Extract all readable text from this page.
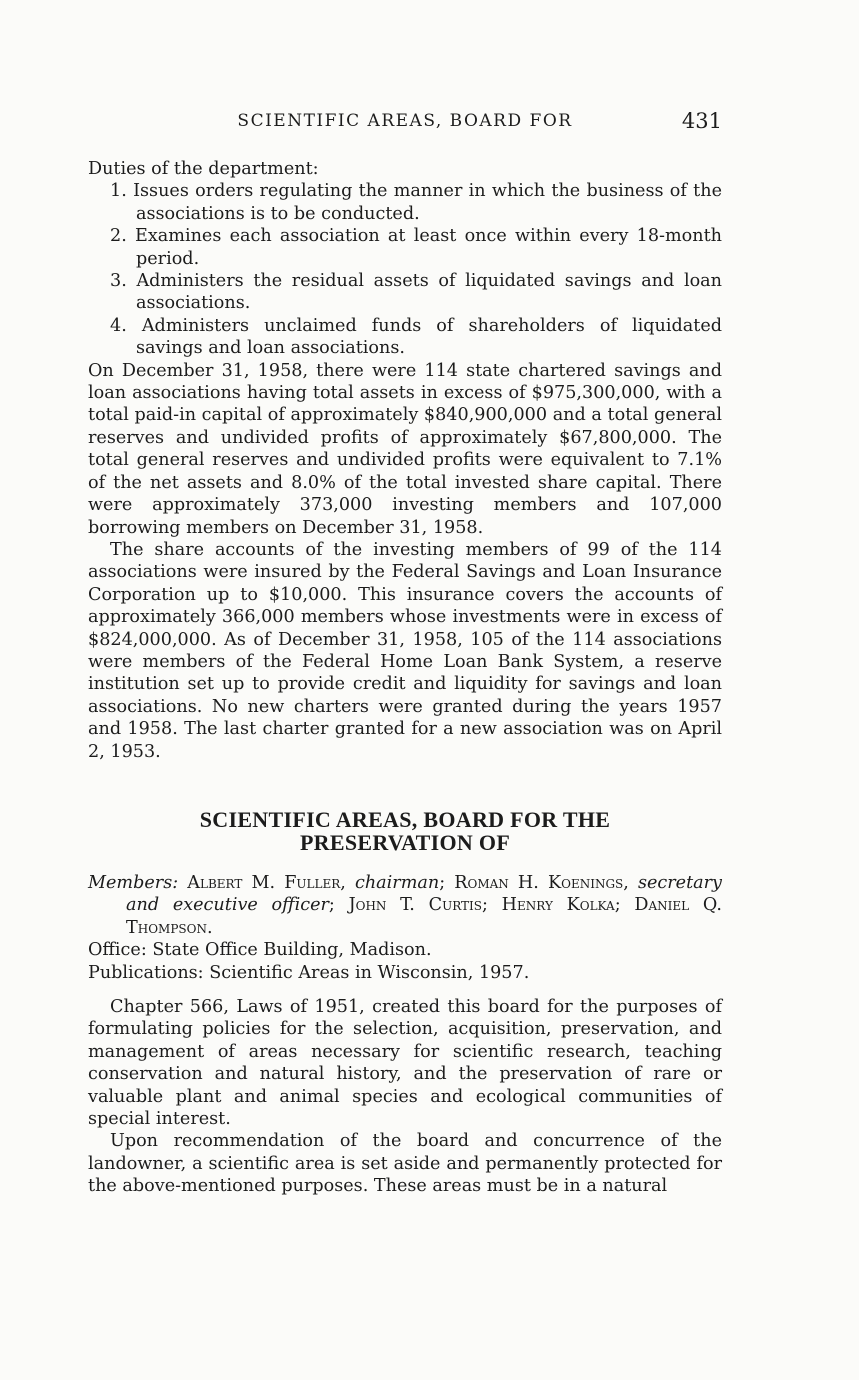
SCIENTIFIC AREAS, BOARD FOR	431

Duties of the department:

1. Issues orders regulating the manner in which the business of the associations is to be conducted.
2. Examines each association at least once within every 18-month period.
3. Administers the residual assets of liquidated savings and loan associations.
4. Administers unclaimed funds of shareholders of liquidated savings and loan associations.

On December 31, 1958, there were 114 state chartered savings and loan associations having total assets in excess of $975,300,000, with a total paid-in capital of approximately $840,900,000 and a total general reserves and undivided profits of approximately $67,800,000. The total general reserves and undivided profits were equivalent to 7.1% of the net assets and 8.0% of the total invested share capital. There were approximately 373,000 investing members and 107,000 borrowing members on December 31, 1958.

The share accounts of the investing members of 99 of the 114 associations were insured by the Federal Savings and Loan Insurance Corporation up to $10,000. This insurance covers the accounts of approximately 366,000 members whose investments were in excess of $824,000,000. As of December 31, 1958, 105 of the 114 associations were members of the Federal Home Loan Bank System, a reserve institution set up to provide credit and liquidity for savings and loan associations. No new charters were granted during the years 1957 and 1958. The last charter granted for a new association was on April 2, 1953.

SCIENTIFIC AREAS, BOARD FOR THE
PRESERVATION OF

Members: Albert M. Fuller, chairman; Roman H. Koenings, secretary and executive officer; John T. Curtis; Henry Kolka; Daniel Q. Thompson.

Office: State Office Building, Madison.

Publications: Scientific Areas in Wisconsin, 1957.

Chapter 566, Laws of 1951, created this board for the purposes of formulating policies for the selection, acquisition, preservation, and management of areas necessary for scientific research, teaching conservation and natural history, and the preservation of rare or valuable plant and animal species and ecological communities of special interest.

Upon recommendation of the board and concurrence of the landowner, a scientific area is set aside and permanently protected for the above-mentioned purposes. These areas must be in a natural
